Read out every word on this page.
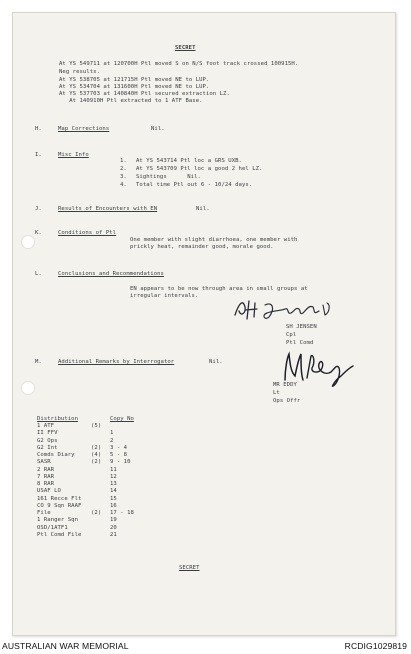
SECRET
At YS 549711 at 120700H Ptl moved S on N/S foot track crossed 100915H.
Neg results.
At YS 538705 at 121715H Ptl moved NE to LUP.
At YS 534704 at 131600H Ptl moved NE to LUP.
At YS 537703 at 140840H Ptl secured extraction LZ.
At 140910H Ptl extracted to 1 ATF Base.
H.	Map Corrections	Nil.
I.	Misc Info
1. At YS 543714 Ptl loc a GRS UXB.
2. At YS 543709 Ptl loc a good 2 hel LZ.
3. Sightings      Nil.
4. Total time Ptl out 6 - 10/24 days.
J.	Results of Encounters with EN	Nil.
K.	Conditions of Ptl
One member with slight diarrhoea, one member with
prickly heat, remainder good, morale good.
L.	Conclusions and Recommendations
EN appears to be now through area in small groups at
irregular intervals.
SH JENSEN
Cpl
Ptl Comd
M.	Additional Remarks by Interrogator	Nil.
MR EDDY
Lt
Ops Offr
Distribution	Copy No
1 ATF	(5)
II FFV	1
G2 Ops	2
G2 Int	(2) 3 - 4
Comds Diary	(4) 5 - 8
SASR	(2) 9 - 10
2 RAR	11
7 RAR	12
8 RAR	13
USAF LO	14
161 Recce Flt	15
CO 9 Sqn RAAF	16
File	(2) 17 - 18
1 Ranger Sqn	19
OSD/1ATF1	20
Ptl Comd File	21
SECRET
AUSTRALIAN WAR MEMORIAL	RCDIG1029819
